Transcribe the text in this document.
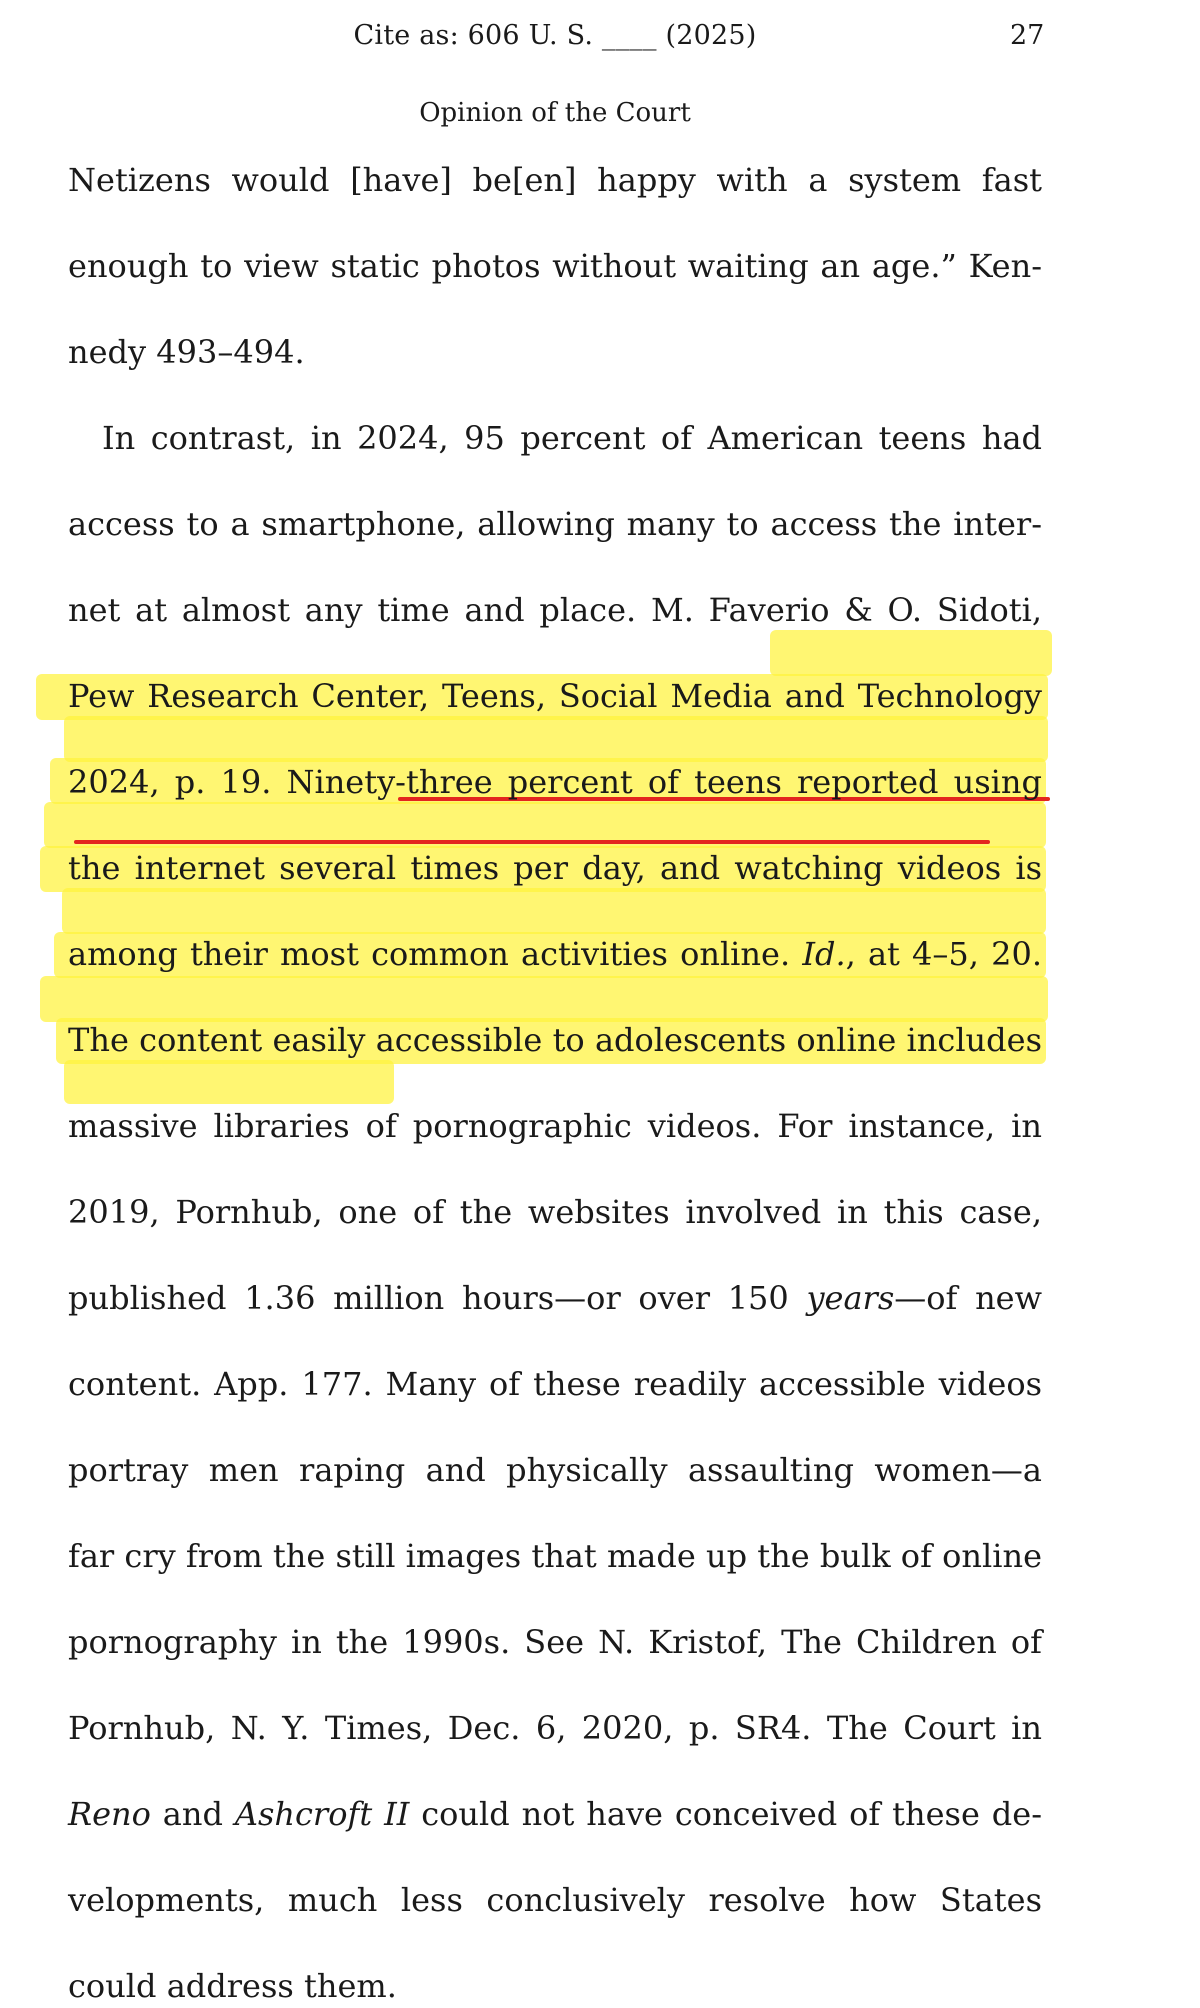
Cite as: 606 U. S. ____ (2025)	27
Opinion of the Court
Netizens would [have] be[en] happy with a system fast
enough to view static photos without waiting an age.” Ken-
nedy 493–494.
In contrast, in 2024, 95 percent of American teens had
access to a smartphone, allowing many to access the inter-
net at almost any time and place. M. Faverio & O. Sidoti,
Pew Research Center, Teens, Social Media and Technology
2024, p. 19. Ninety-three percent of teens reported using
the internet several times per day, and watching videos is
among their most common activities online. Id., at 4–5, 20.
The content easily accessible to adolescents online includes
massive libraries of pornographic videos. For instance, in
2019, Pornhub, one of the websites involved in this case,
published 1.36 million hours—or over 150 years—of new
content. App. 177. Many of these readily accessible videos
portray men raping and physically assaulting women—a
far cry from the still images that made up the bulk of online
pornography in the 1990s. See N. Kristof, The Children of
Pornhub, N. Y. Times, Dec. 6, 2020, p. SR4. The Court in
Reno and Ashcroft II could not have conceived of these de-
velopments, much less conclusively resolve how States
could address them.
